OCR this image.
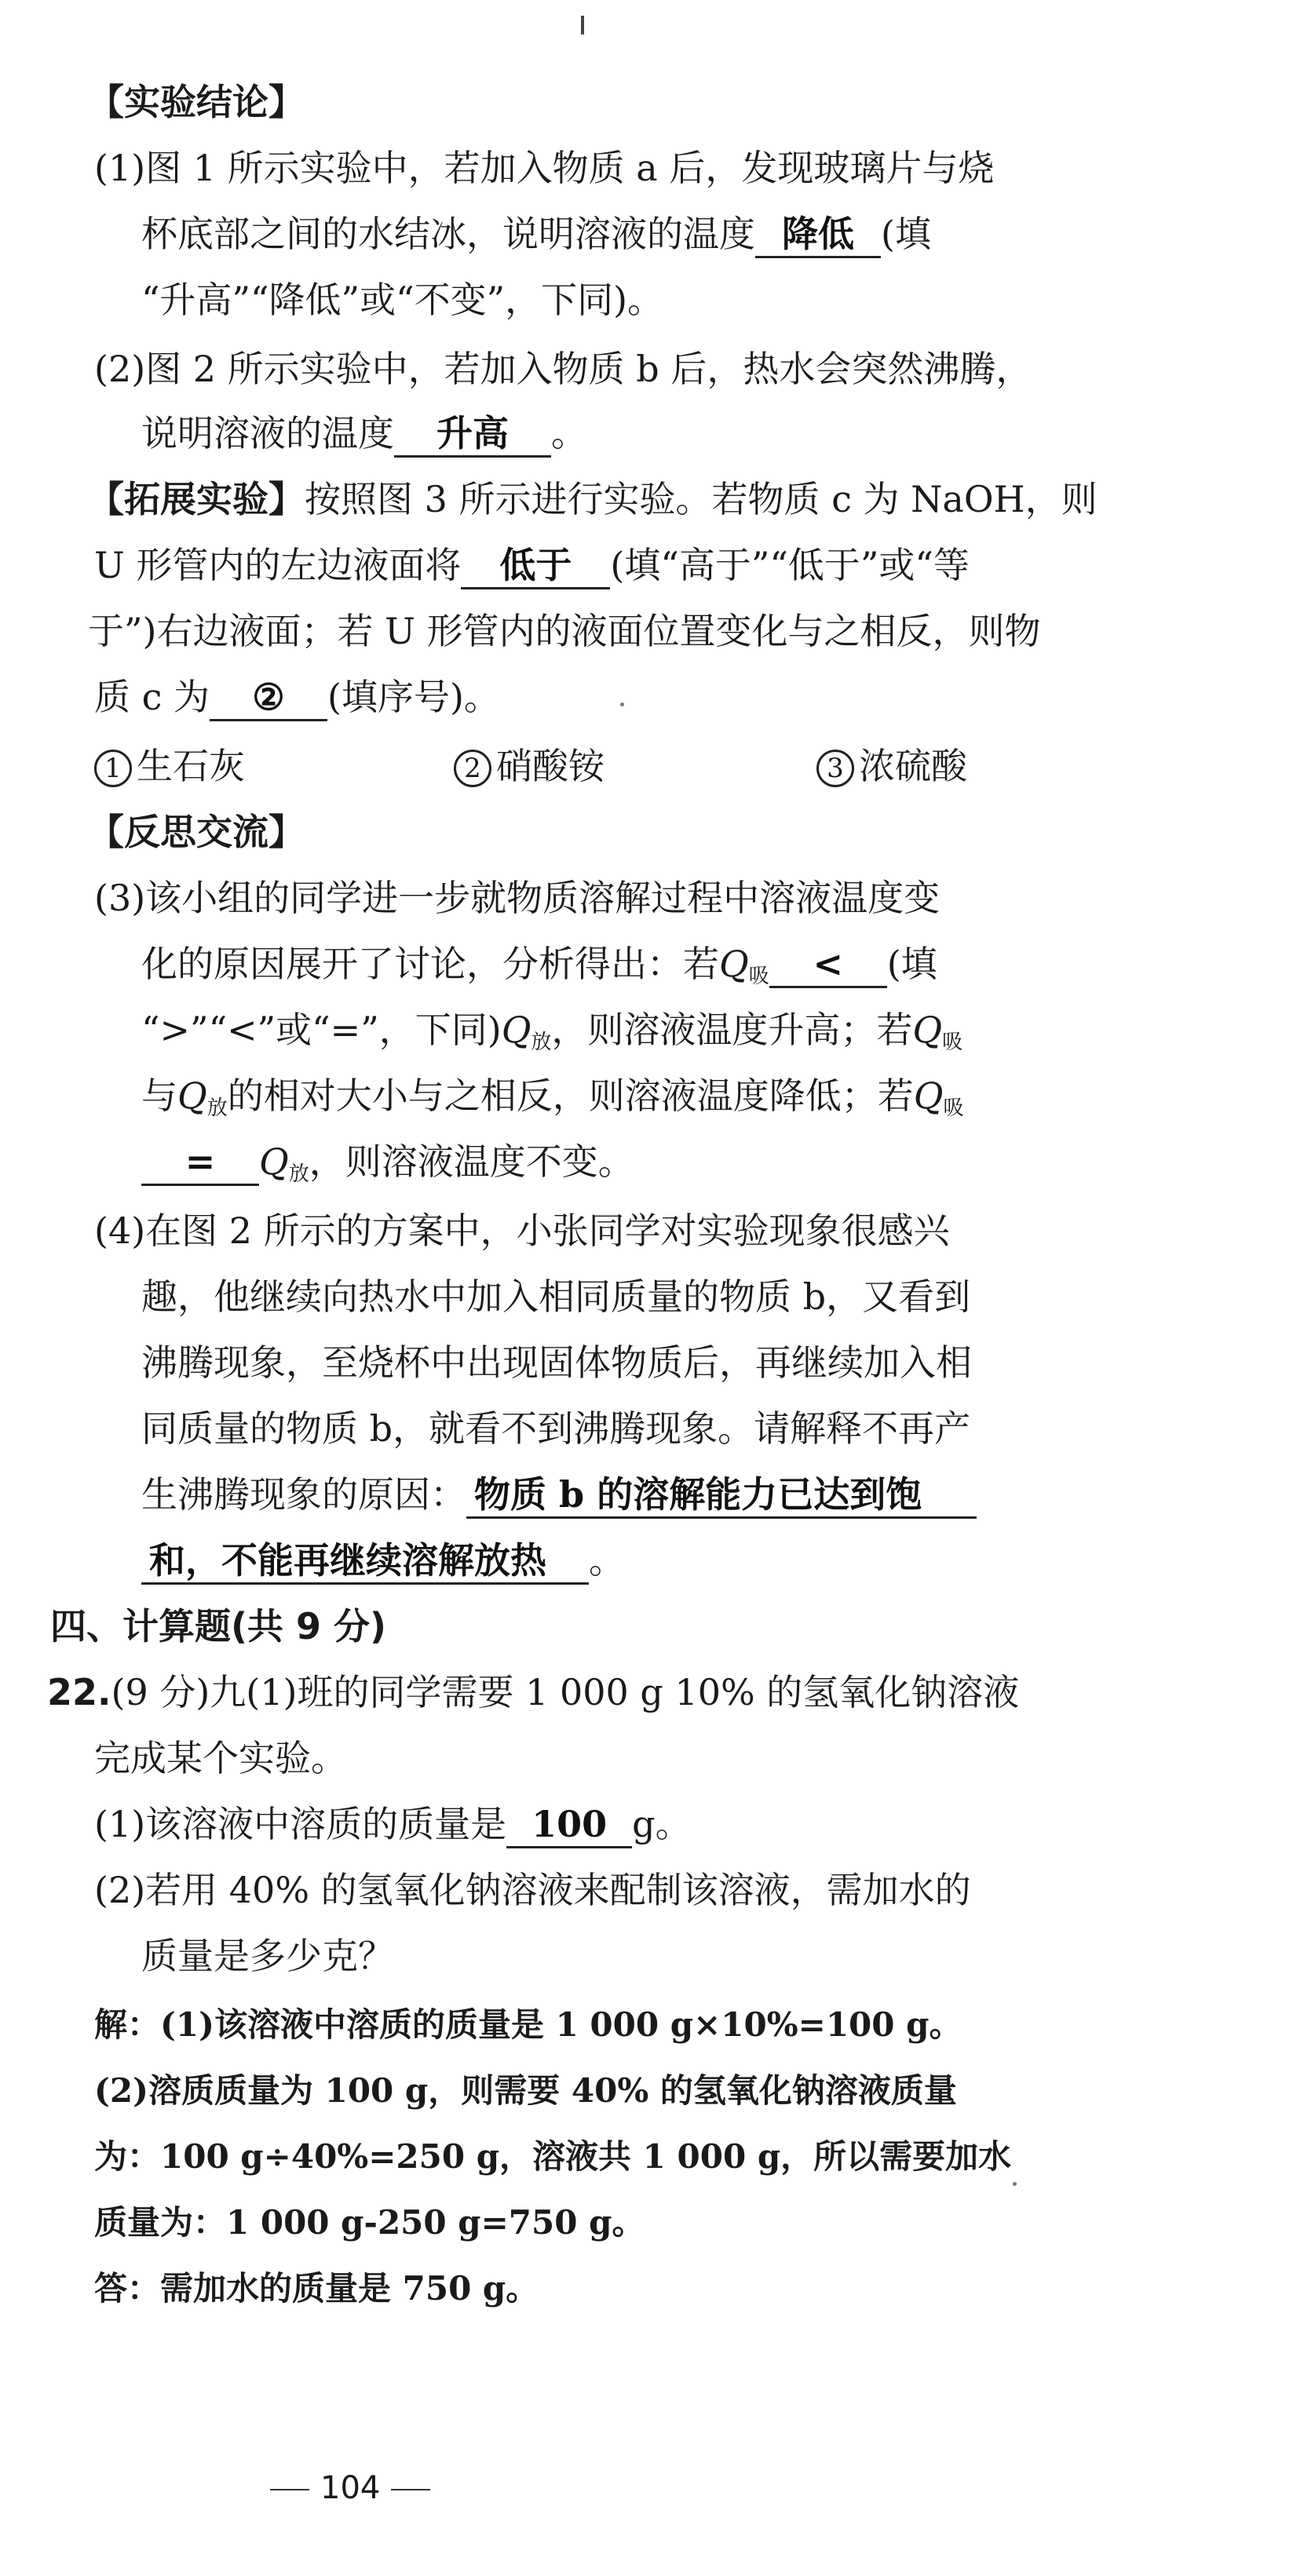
【实验结论】
(1)图 1 所示实验中，若加入物质 a 后，发现玻璃片与烧
杯底部之间的水结冰，说明溶液的温度 降低 (填
“升高”“降低”或“不变”，下同)。
(2)图 2 所示实验中，若加入物质 b 后，热水会突然沸腾，
说明溶液的温度 升高 。
【拓展实验】按照图 3 所示进行实验。若物质 c 为 NaOH，则
U 形管内的左边液面将 低于 (填“高于”“低于”或“等
于”)右边液面；若 U 形管内的液面位置变化与之相反，则物
质 c 为 ② (填序号)。
1 生石灰	2 硝酸铵	3 浓硫酸
【反思交流】
(3)该小组的同学进一步就物质溶解过程中溶液温度变
化的原因展开了讨论，分析得出：若$Q_吸$ < (填
“>”“<”或“=”，下同)$Q_放$，则溶液温度升高；若$Q_吸$
与$Q_放$的相对大小与之相反，则溶液温度降低；若$Q_吸$
= $Q_放$，则溶液温度不变。
(4)在图 2 所示的方案中，小张同学对实验现象很感兴
趣，他继续向热水中加入相同质量的物质 b，又看到
沸腾现象，至烧杯中出现固体物质后，再继续加入相
同质量的物质 b，就看不到沸腾现象。请解释不再产
生沸腾现象的原因： 物质 b 的溶解能力已达到饱
和，不能再继续溶解放热 。
四、计算题(共 9 分)
22.(9 分)九(1)班的同学需要 1 000 g 10% 的氢氧化钠溶液
完成某个实验。
(1)该溶液中溶质的质量是 100 g。
(2)若用 40% 的氢氧化钠溶液来配制该溶液，需加水的
质量是多少克？
解：(1)该溶液中溶质的质量是 1 000 g×10%=100 g。
(2)溶质质量为 100 g，则需要 40% 的氢氧化钠溶液质量
为：100 g÷40%=250 g，溶液共 1 000 g，所以需要加水
质量为：1 000 g-250 g=750 g。
答：需加水的质量是 750 g。
104
